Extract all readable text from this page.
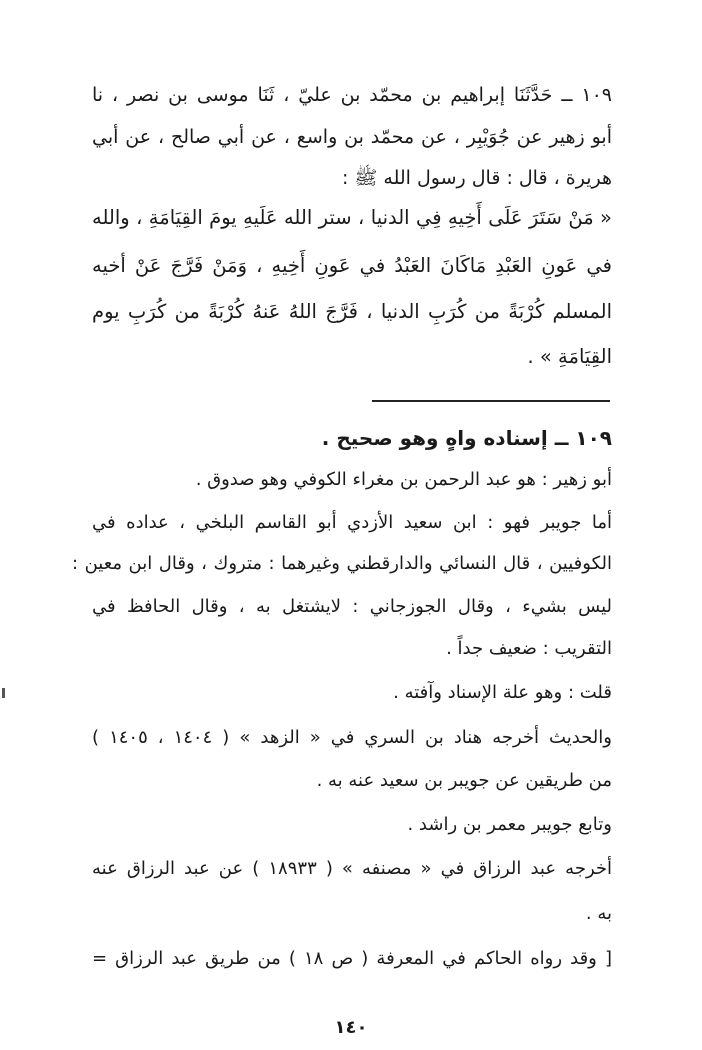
١٠٩ ــ حَدَّثَنَا إبراهيم بن محمّد بن عليّ ، ثَنَا موسى بن نصر ، نا
أبو زهير عن جُوَيْبِر ، عن محمّد بن واسع ، عن أبي صالح ، عن أبي
هريرة ، قال : قال رسول الله ﷺ :
« مَنْ سَتَرَ عَلَى أَخِيهِ فِي الدنيا ، ستر الله عَلَيهِ يومَ القِيَامَةِ ، والله
في عَونِ العَبْدِ مَاكَانَ العَبْدُ في عَونِ أَخِيهِ ، وَمَنْ فَرَّجَ عَنْ أخيه
المسلم كُرْبَةً من كُرَبِ الدنيا ، فَرَّجَ اللهُ عَنهُ كُرْبَةً من كُرَبِ يوم
القِيَامَةِ » .
١٠٩ ــ إسناده واهٍ وهو صحيح .
أبو زهير : هو عبد الرحمن بن مغراء الكوفي وهو صدوق .
أما جويبر فهو : ابن سعيد الأزدي أبو القاسم البلخي ، عداده في
الكوفيين ، قال النسائي والدارقطني وغيرهما : متروك ، وقال ابن معين :
ليس بشيء ، وقال الجوزجاني : لايشتغل به ، وقال الحافظ في
التقريب : ضعيف جداً .
قلت : وهو علة الإسناد وآفته .
والحديث أخرجه هناد بن السري في « الزهد » ( ١٤٠٤ ، ١٤٠٥ )
من طريقين عن جويبر بن سعيد عنه به .
وتابع جويبر معمر بن راشد .
أخرجه عبد الرزاق في « مصنفه » ( ١٨٩٣٣ ) عن عبد الرزاق عنه
به .
[ وقد رواه الحاكم في المعرفة ( ص ١٨ ) من طريق عبد الرزاق =
١٤٠
